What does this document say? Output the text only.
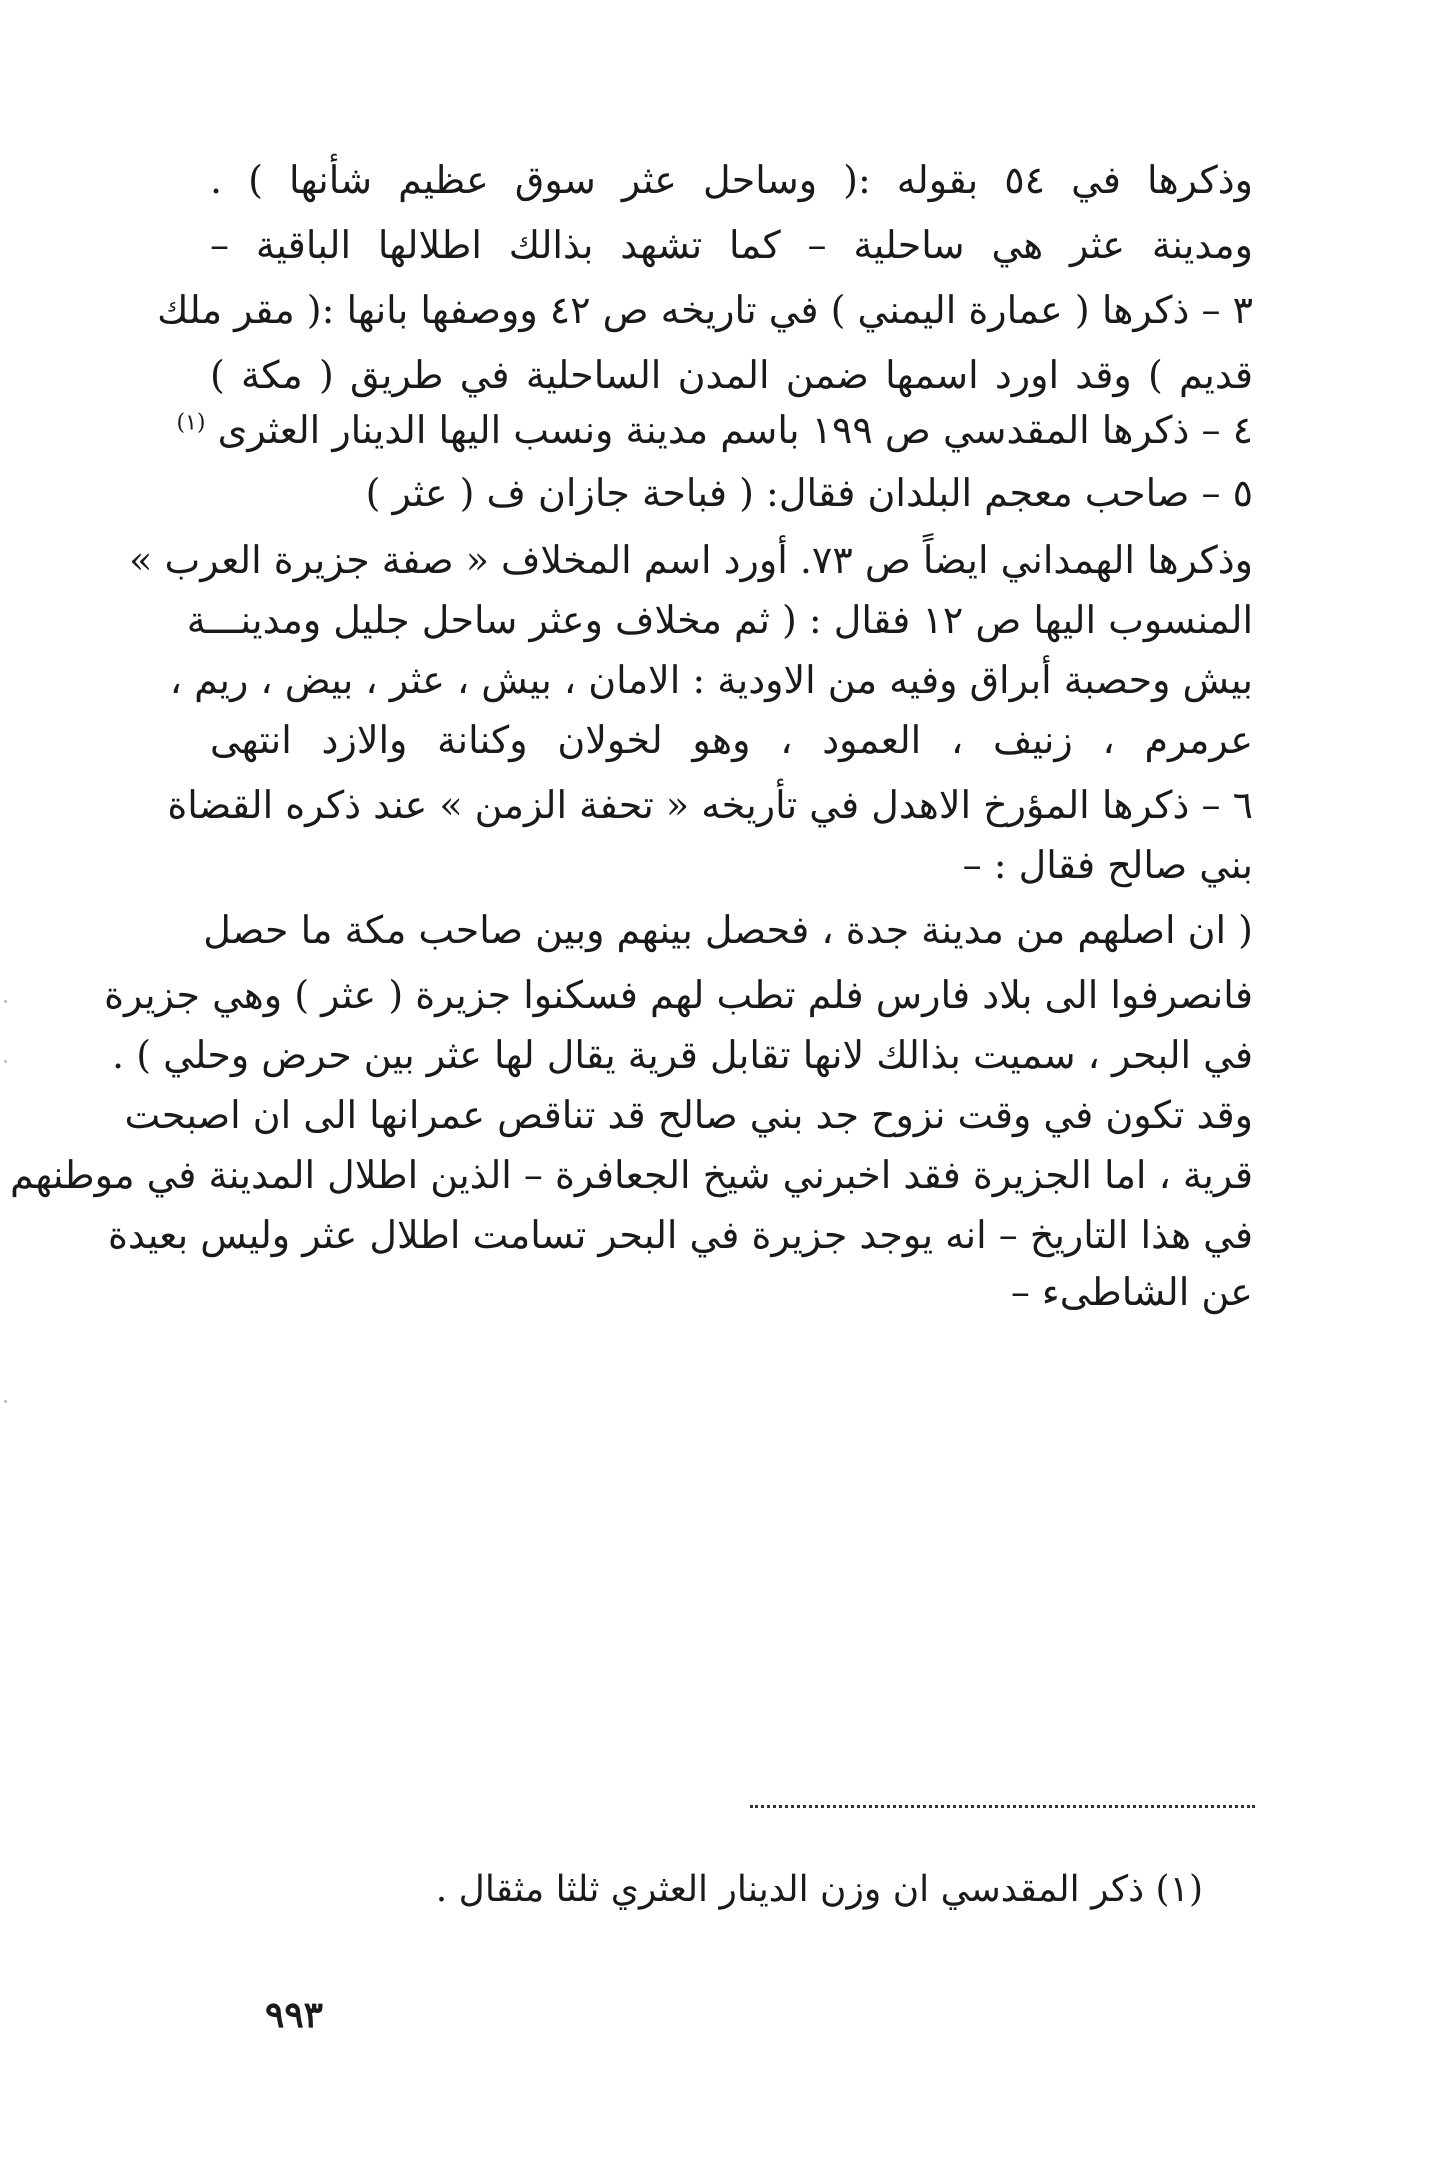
وذكرها في ٥٤ بقوله :( وساحل عثر سوق عظيم شأنها ) .
ومدينة عثر هي ساحلية – كما تشهد بذالك اطلالها الباقية –
٣ – ذكرها ( عمارة اليمني ) في تاريخه ص ٤٢ ووصفها بانها :( مقر ملك
قديم ) وقد اورد اسمها ضمن المدن الساحلية في طريق ( مكة )
٤ – ذكرها المقدسي ص ١٩٩ باسم مدينة ونسب اليها الدينار العثرى $^{(١)}$
٥ – صاحب معجم البلدان فقال: ( فباحة جازان ف ( عثر )
وذكرها الهمداني ايضاً ص ٧٣. أورد اسم المخلاف « صفة جزيرة العرب »
المنسوب اليها ص ١٢ فقال : ( ثم مخلاف وعثر ساحل جليل ومدينـــة
بيش وحصبة أبراق وفيه من الاودية : الامان ، بيش ، عثر ، بيض ، ريم ،
عرمرم ، زنيف ، العمود ، وهو لخولان وكنانة والازد انتهى
٦ – ذكرها المؤرخ الاهدل في تأريخه « تحفة الزمن » عند ذكره القضاة
بني صالح فقال : –
( ان اصلهم من مدينة جدة ، فحصل بينهم وبين صاحب مكة ما حصل
فانصرفوا الى بلاد فارس فلم تطب لهم فسكنوا جزيرة ( عثر ) وهي جزيرة
في البحر ، سميت بذالك لانها تقابل قرية يقال لها عثر بين حرض وحلي ) .
وقد تكون في وقت نزوح جد بني صالح قد تناقص عمرانها الى ان اصبحت
قرية ، اما الجزيرة فقد اخبرني شيخ الجعافرة – الذين اطلال المدينة في موطنهم
في هذا التاريخ – انه يوجد جزيرة في البحر تسامت اطلال عثر وليس بعيدة
عن الشاطىء –
(١) ذكر المقدسي ان وزن الدينار العثري ثلثا مثقال .
٩٩٣
